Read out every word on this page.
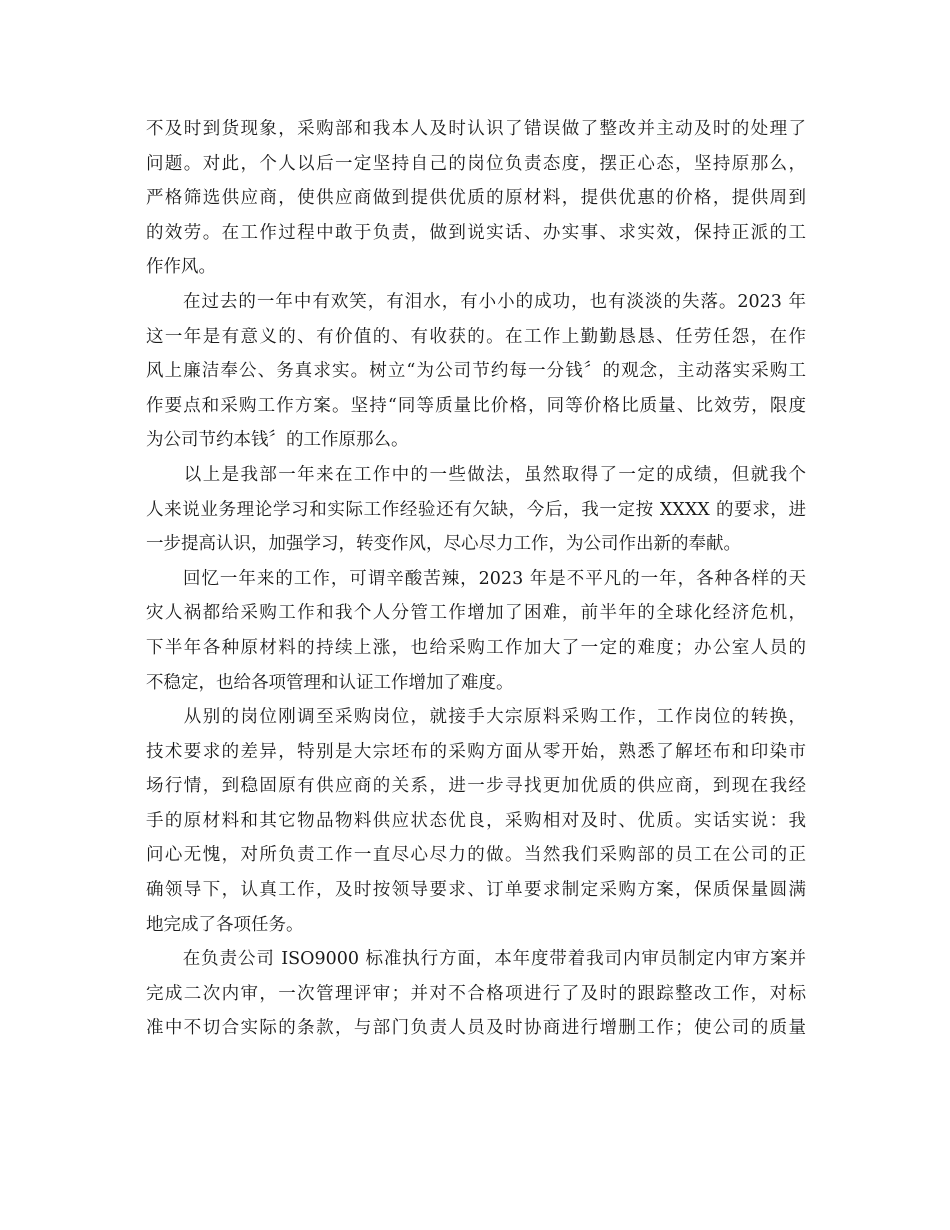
不及时到货现象，采购部和我本人及时认识了错误做了整改并主动及时的处理了
问题。对此，个人以后一定坚持自己的岗位负责态度，摆正心态，坚持原那么，
严格筛选供应商，使供应商做到提供优质的原材料，提供优惠的价格，提供周到
的效劳。在工作过程中敢于负责，做到说实话、办实事、求实效，保持正派的工
作作风。
　　在过去的一年中有欢笑，有泪水，有小小的成功，也有淡淡的失落。2023 年
这一年是有意义的、有价值的、有收获的。在工作上勤勤恳恳、任劳任怨，在作
风上廉洁奉公、务真求实。树立“为公司节约每一分钱〞的观念，主动落实采购工
作要点和采购工作方案。坚持“同等质量比价格，同等价格比质量、比效劳，限度
为公司节约本钱〞的工作原那么。
　　以上是我部一年来在工作中的一些做法，虽然取得了一定的成绩，但就我个
人来说业务理论学习和实际工作经验还有欠缺，今后，我一定按 XXXX 的要求，进
一步提高认识，加强学习，转变作风，尽心尽力工作，为公司作出新的奉献。
　　回忆一年来的工作，可谓辛酸苦辣，2023 年是不平凡的一年，各种各样的天
灾人祸都给采购工作和我个人分管工作增加了困难，前半年的全球化经济危机，
下半年各种原材料的持续上涨，也给采购工作加大了一定的难度；办公室人员的
不稳定，也给各项管理和认证工作增加了难度。
　　从别的岗位刚调至采购岗位，就接手大宗原料采购工作，工作岗位的转换，
技术要求的差异，特别是大宗坯布的采购方面从零开始，熟悉了解坯布和印染市
场行情，到稳固原有供应商的关系，进一步寻找更加优质的供应商，到现在我经
手的原材料和其它物品物料供应状态优良，采购相对及时、优质。实话实说：我
问心无愧，对所负责工作一直尽心尽力的做。当然我们采购部的员工在公司的正
确领导下，认真工作，及时按领导要求、订单要求制定采购方案，保质保量圆满
地完成了各项任务。
　　在负责公司 ISO9000 标准执行方面，本年度带着我司内审员制定内审方案并
完成二次内审，一次管理评审；并对不合格项进行了及时的跟踪整改工作，对标
准中不切合实际的条款，与部门负责人员及时协商进行增删工作；使公司的质量
